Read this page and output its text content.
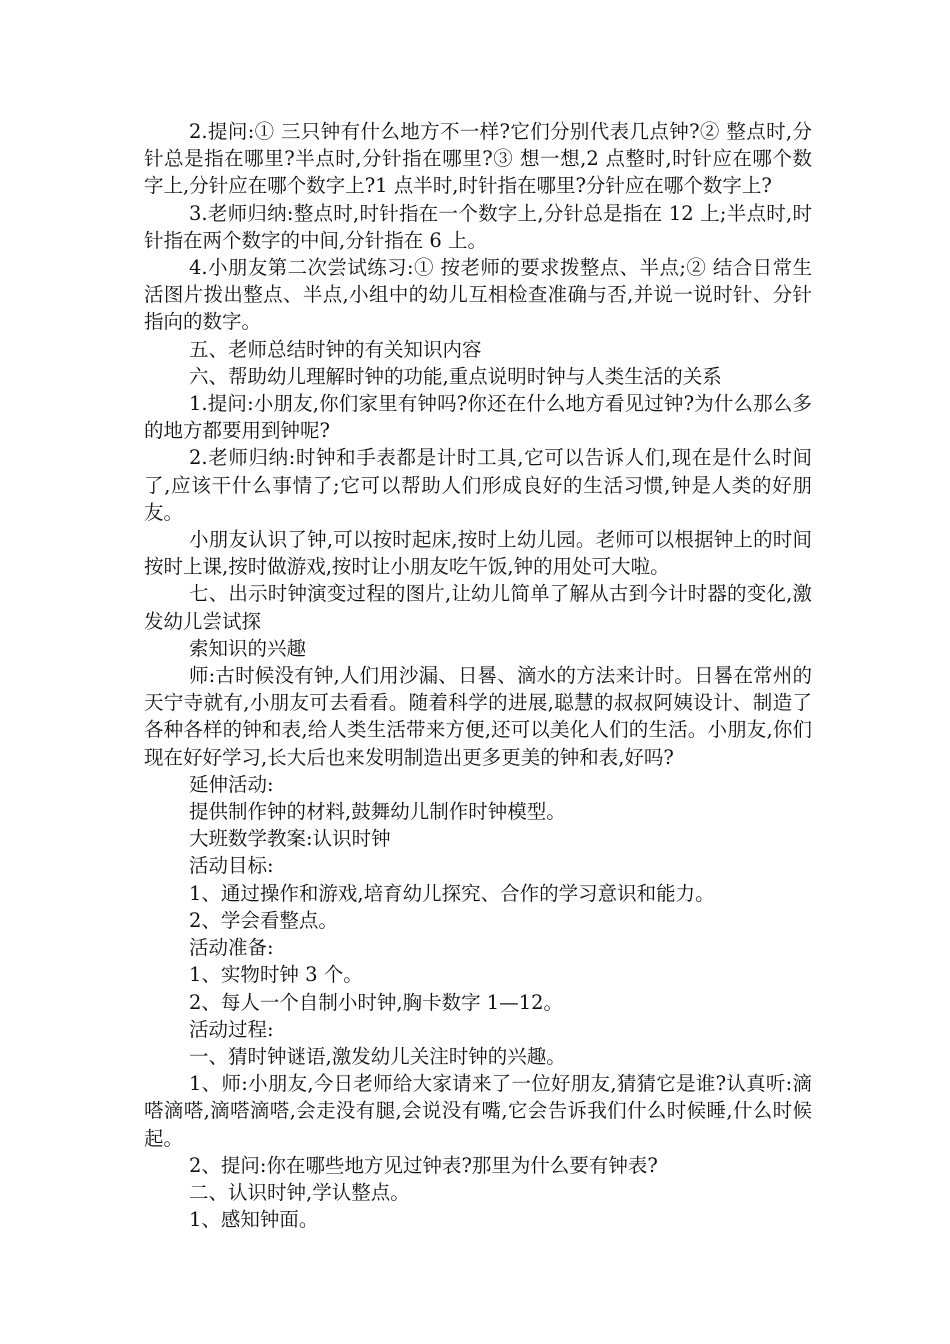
2.提问:① 三只钟有什么地方不一样?它们分别代表几点钟?② 整点时,分针总是指在哪里?半点时,分针指在哪里?③ 想一想,2 点整时,时针应在哪个数字上,分针应在哪个数字上?1 点半时,时针指在哪里?分针应在哪个数字上?

3.老师归纳:整点时,时针指在一个数字上,分针总是指在 12 上;半点时,时针指在两个数字的中间,分针指在 6 上。

4.小朋友第二次尝试练习:① 按老师的要求拨整点、半点;② 结合日常生活图片拨出整点、半点,小组中的幼儿互相检查准确与否,并说一说时针、分针指向的数字。

五、老师总结时钟的有关知识内容

六、帮助幼儿理解时钟的功能,重点说明时钟与人类生活的关系

1.提问:小朋友,你们家里有钟吗?你还在什么地方看见过钟?为什么那么多的地方都要用到钟呢?

2.老师归纳:时钟和手表都是计时工具,它可以告诉人们,现在是什么时间了,应该干什么事情了;它可以帮助人们形成良好的生活习惯,钟是人类的好朋友。

小朋友认识了钟,可以按时起床,按时上幼儿园。老师可以根据钟上的时间按时上课,按时做游戏,按时让小朋友吃午饭,钟的用处可大啦。

七、出示时钟演变过程的图片,让幼儿简单了解从古到今计时器的变化,激发幼儿尝试探

索知识的兴趣

师:古时候没有钟,人们用沙漏、日晷、滴水的方法来计时。日晷在常州的天宁寺就有,小朋友可去看看。随着科学的进展,聪慧的叔叔阿姨设计、制造了各种各样的钟和表,给人类生活带来方便,还可以美化人们的生活。小朋友,你们现在好好学习,长大后也来发明制造出更多更美的钟和表,好吗?

延伸活动:

提供制作钟的材料,鼓舞幼儿制作时钟模型。

大班数学教案:认识时钟

活动目标:

1、通过操作和游戏,培育幼儿探究、合作的学习意识和能力。

2、学会看整点。

活动准备:

1、实物时钟 3 个。

2、每人一个自制小时钟,胸卡数字 1—12。

活动过程:

一、猜时钟谜语,激发幼儿关注时钟的兴趣。

1、师:小朋友,今日老师给大家请来了一位好朋友,猜猜它是谁?认真听:滴嗒滴嗒,滴嗒滴嗒,会走没有腿,会说没有嘴,它会告诉我们什么时候睡,什么时候起。

2、提问:你在哪些地方见过钟表?那里为什么要有钟表?

二、认识时钟,学认整点。

1、感知钟面。
